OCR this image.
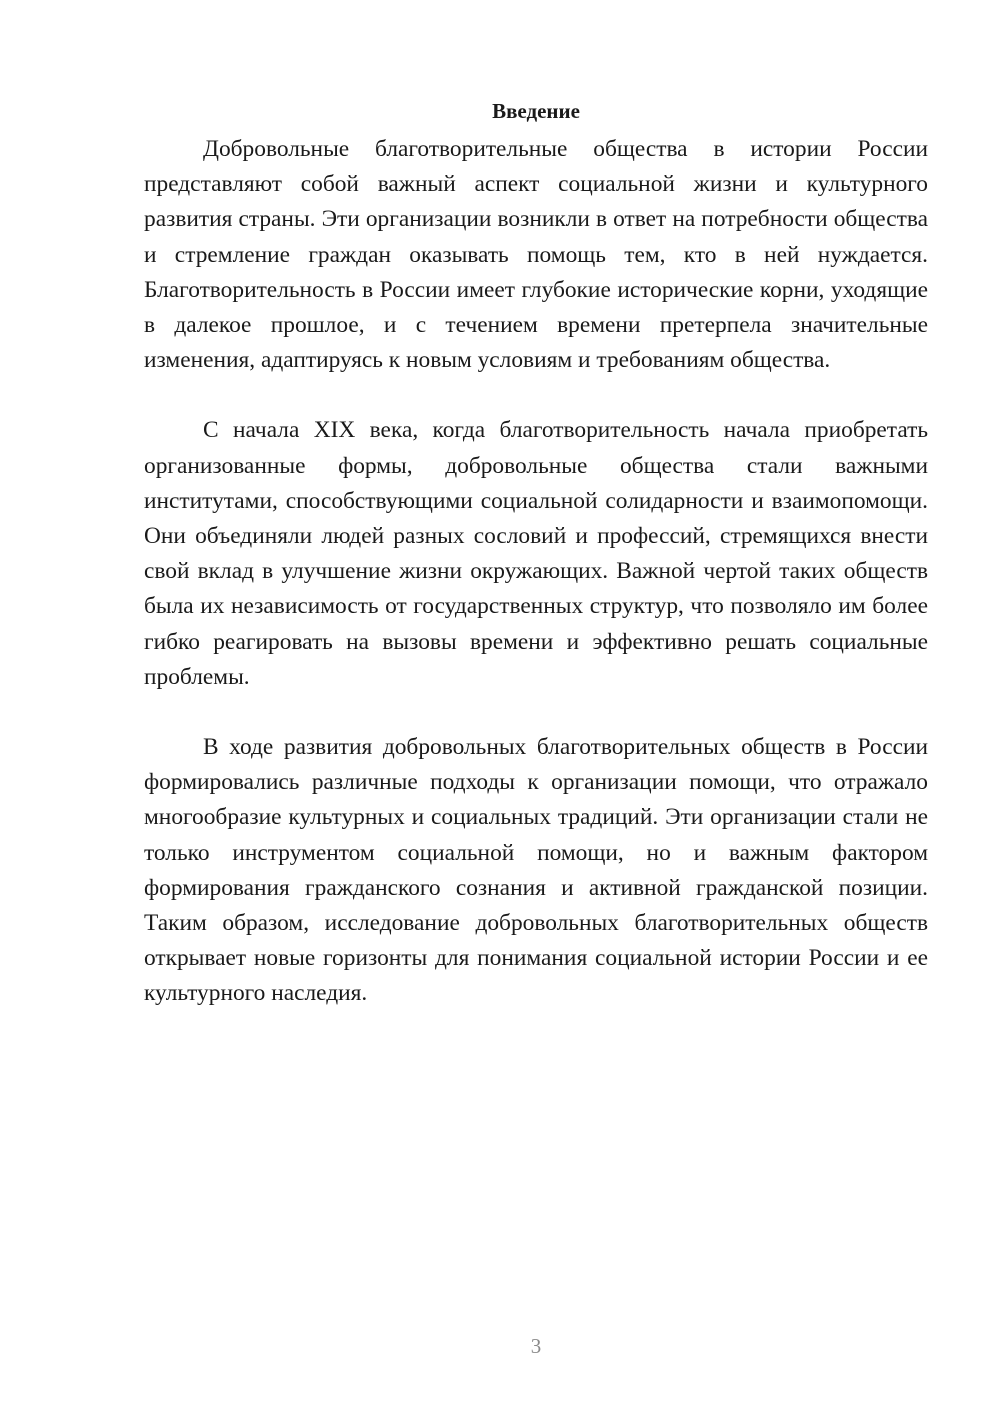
Введение

Добровольные благотворительные общества в истории России представляют собой важный аспект социальной жизни и культурного развития страны. Эти организации возникли в ответ на потребности общества и стремление граждан оказывать помощь тем, кто в ней нуждается. Благотворительность в России имеет глубокие исторические корни, уходящие в далекое прошлое, и с течением времени претерпела значительные изменения, адаптируясь к новым условиям и требованиям общества.

С начала XIX века, когда благотворительность начала приобретать организованные формы, добровольные общества стали важными институтами, способствующими социальной солидарности и взаимопомощи. Они объединяли людей разных сословий и профессий, стремящихся внести свой вклад в улучшение жизни окружающих. Важной чертой таких обществ была их независимость от государственных структур, что позволяло им более гибко реагировать на вызовы времени и эффективно решать социальные проблемы.

В ходе развития добровольных благотворительных обществ в России формировались различные подходы к организации помощи, что отражало многообразие культурных и социальных традиций. Эти организации стали не только инструментом социальной помощи, но и важным фактором формирования гражданского сознания и активной гражданской позиции. Таким образом, исследование добровольных благотворительных обществ открывает новые горизонты для понимания социальной истории России и ее культурного наследия.

3
